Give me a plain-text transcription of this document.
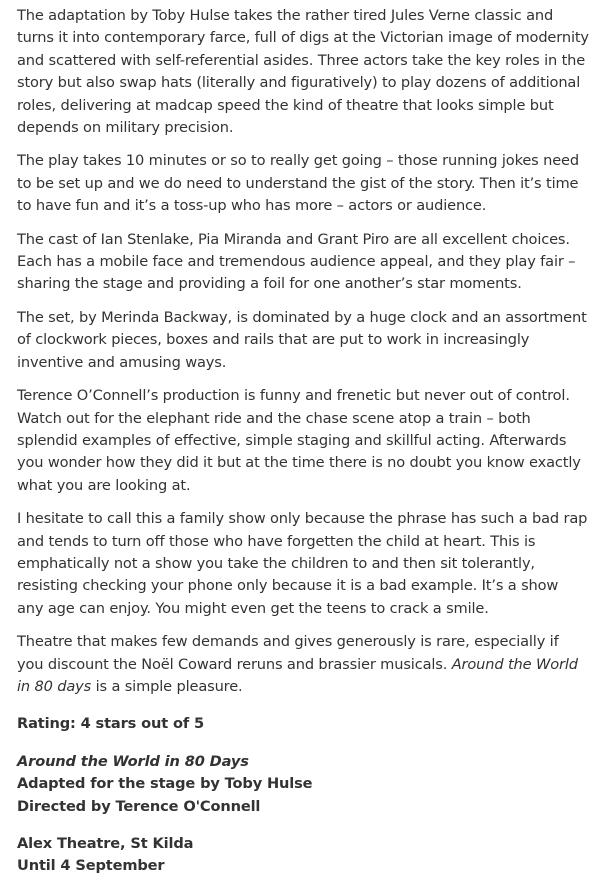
The adaptation by Toby Hulse takes the rather tired Jules Verne classic and turns it into contemporary farce, full of digs at the Victorian image of modernity and scattered with self-referential asides. Three actors take the key roles in the story but also swap hats (literally and figuratively) to play dozens of additional roles, delivering at madcap speed the kind of theatre that looks simple but depends on military precision.

The play takes 10 minutes or so to really get going – those running jokes need to be set up and we do need to understand the gist of the story. Then it’s time to have fun and it’s a toss-up who has more – actors or audience.

The cast of Ian Stenlake, Pia Miranda and Grant Piro are all excellent choices. Each has a mobile face and tremendous audience appeal, and they play fair – sharing the stage and providing a foil for one another’s star moments.

The set, by Merinda Backway, is dominated by a huge clock and an assortment of clockwork pieces, boxes and rails that are put to work in increasingly inventive and amusing ways.

Terence O’Connell’s production is funny and frenetic but never out of control. Watch out for the elephant ride and the chase scene atop a train – both splendid examples of effective, simple staging and skillful acting. Afterwards you wonder how they did it but at the time there is no doubt you know exactly what you are looking at.

I hesitate to call this a family show only because the phrase has such a bad rap and tends to turn off those who have forgetten the child at heart. This is emphatically not a show you take the children to and then sit tolerantly, resisting checking your phone only because it is a bad example. It’s a show any age can enjoy. You might even get the teens to crack a smile.

Theatre that makes few demands and gives generously is rare, especially if you discount the Noël Coward reruns and brassier musicals. Around the World in 80 days is a simple pleasure.

Rating: 4 stars out of 5

Around the World in 80 Days
Adapted for the stage by Toby Hulse
Directed by Terence O'Connell

Alex Theatre, St Kilda
Until 4 September
